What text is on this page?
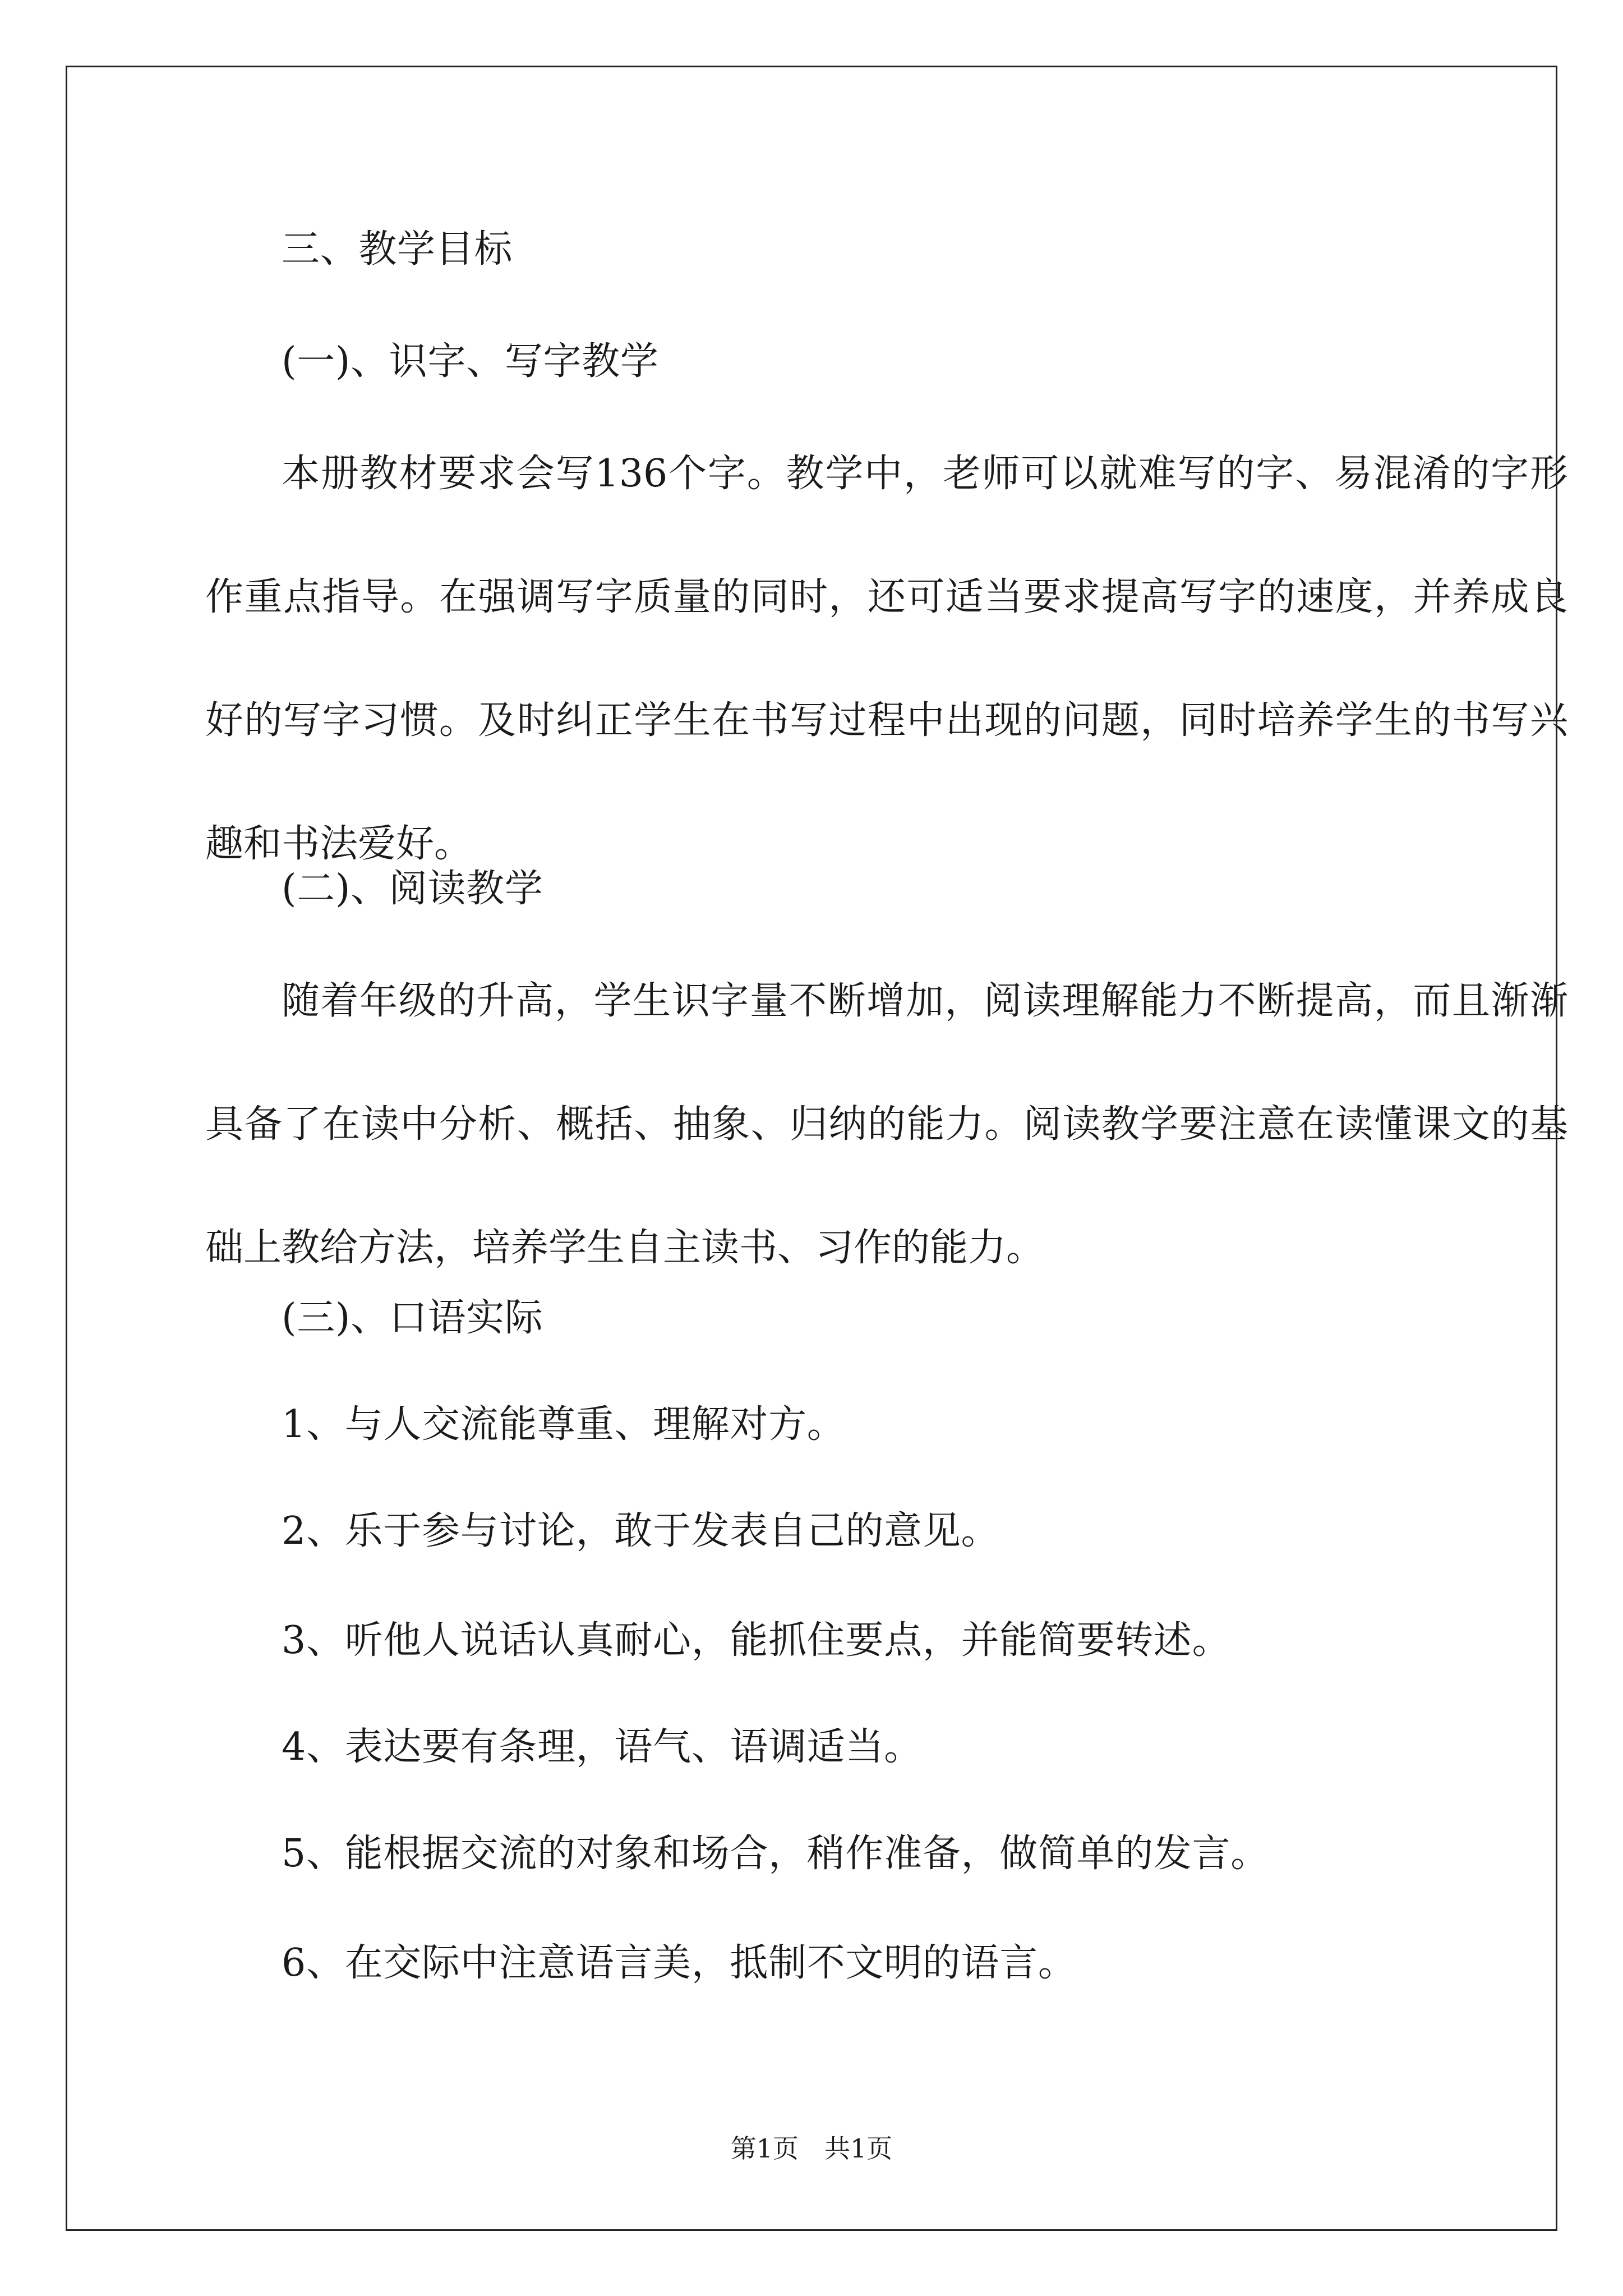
三、教学目标
(一)、识字、写字教学
本册教材要求会写136个字。教学中，老师可以就难写的字、易混淆的字形作重点指导。在强调写字质量的同时，还可适当要求提高写字的速度，并养成良好的写字习惯。及时纠正学生在书写过程中出现的问题，同时培养学生的书写兴趣和书法爱好。
(二)、阅读教学
随着年级的升高，学生识字量不断增加，阅读理解能力不断提高，而且渐渐具备了在读中分析、概括、抽象、归纳的能力。阅读教学要注意在读懂课文的基础上教给方法，培养学生自主读书、习作的能力。
(三)、口语实际
1、与人交流能尊重、理解对方。
2、乐于参与讨论，敢于发表自己的意见。
3、听他人说话认真耐心，能抓住要点，并能简要转述。
4、表达要有条理，语气、语调适当。
5、能根据交流的对象和场合，稍作准备，做简单的发言。
6、在交际中注意语言美，抵制不文明的语言。
第1页　共1页
